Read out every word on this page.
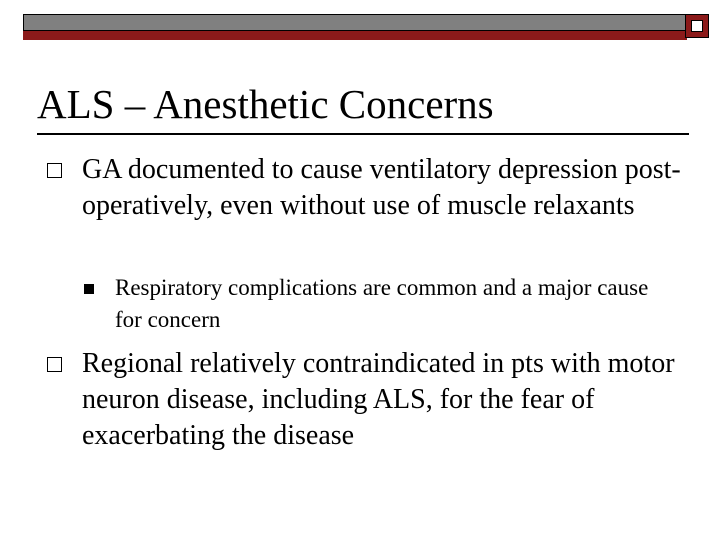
ALS – Anesthetic Concerns
GA documented to cause ventilatory depression post-operatively, even without use of muscle relaxants
Respiratory complications are common and a major cause for concern
Regional relatively contraindicated in pts with motor neuron disease, including ALS, for the fear of exacerbating the disease
